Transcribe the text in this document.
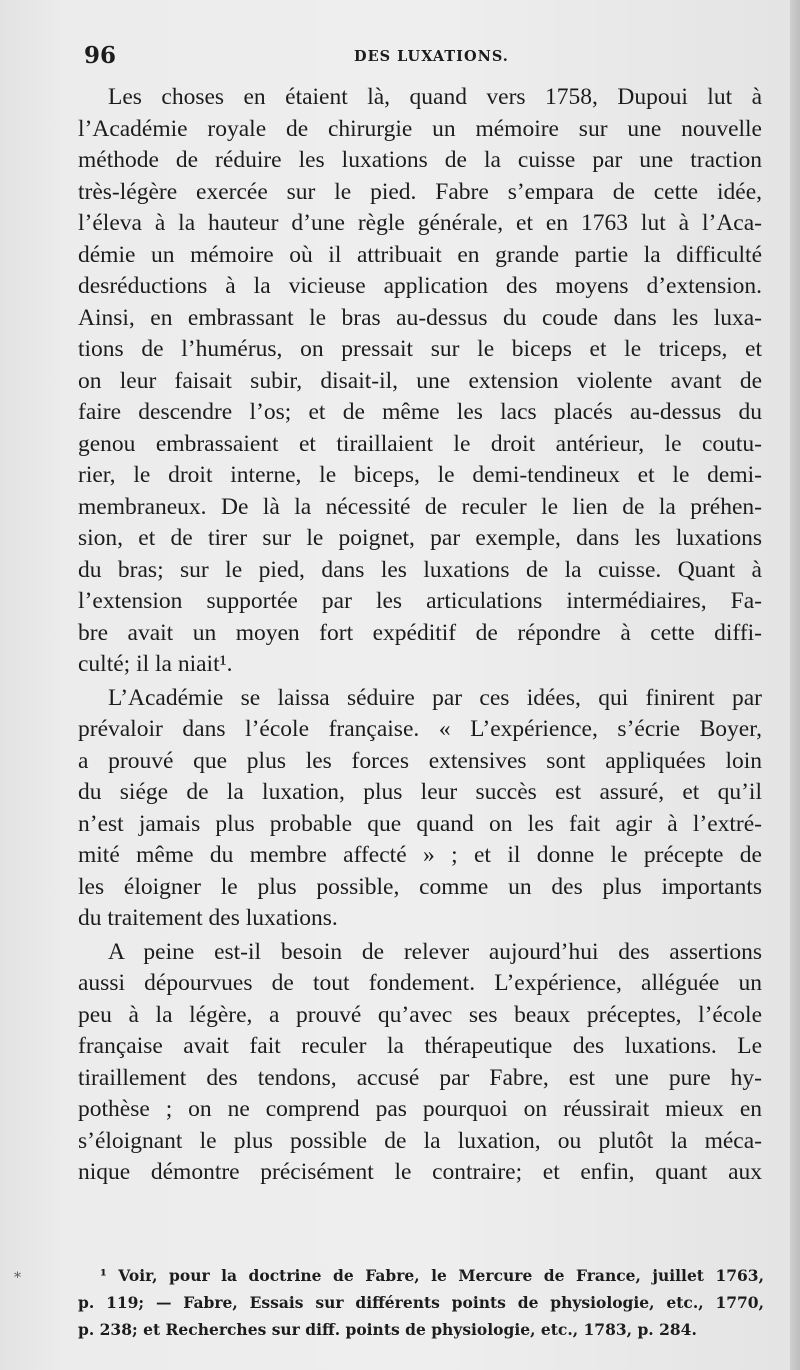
96	DES LUXATIONS.
Les choses en étaient là, quand vers 1758, Dupoui lut à
l’Académie royale de chirurgie un mémoire sur une nouvelle
méthode de réduire les luxations de la cuisse par une traction
très-légère exercée sur le pied. Fabre s’empara de cette idée,
l’éleva à la hauteur d’une règle générale, et en 1763 lut à l’Aca-
démie un mémoire où il attribuait en grande partie la difficulté
desréductions à la vicieuse application des moyens d’extension.
Ainsi, en embrassant le bras au-dessus du coude dans les luxa-
tions de l’humérus, on pressait sur le biceps et le triceps, et
on leur faisait subir, disait-il, une extension violente avant de
faire descendre l’os; et de même les lacs placés au-dessus du
genou embrassaient et tiraillaient le droit antérieur, le coutu-
rier, le droit interne, le biceps, le demi-tendineux et le demi-
membraneux. De là la nécessité de reculer le lien de la préhen-
sion, et de tirer sur le poignet, par exemple, dans les luxations
du bras; sur le pied, dans les luxations de la cuisse. Quant à
l’extension supportée par les articulations intermédiaires, Fa-
bre avait un moyen fort expéditif de répondre à cette diffi-
culté; il la niait¹.
L’Académie se laissa séduire par ces idées, qui finirent par
prévaloir dans l’école française. « L’expérience, s’écrie Boyer,
a prouvé que plus les forces extensives sont appliquées loin
du siége de la luxation, plus leur succès est assuré, et qu’il
n’est jamais plus probable que quand on les fait agir à l’extré-
mité même du membre affecté » ; et il donne le précepte de
les éloigner le plus possible, comme un des plus importants
du traitement des luxations.
A peine est-il besoin de relever aujourd’hui des assertions
aussi dépourvues de tout fondement. L’expérience, alléguée un
peu à la légère, a prouvé qu’avec ses beaux préceptes, l’école
française avait fait reculer la thérapeutique des luxations. Le
tiraillement des tendons, accusé par Fabre, est une pure hy-
pothèse ; on ne comprend pas pourquoi on réussirait mieux en
s’éloignant le plus possible de la luxation, ou plutôt la méca-
nique démontre précisément le contraire; et enfin, quant aux
¹ Voir, pour la doctrine de Fabre, le Mercure de France, juillet 1763,
p. 119; — Fabre, Essais sur différents points de physiologie, etc., 1770,
p. 238; et Recherches sur diff. points de physiologie, etc., 1783, p. 284.
*
